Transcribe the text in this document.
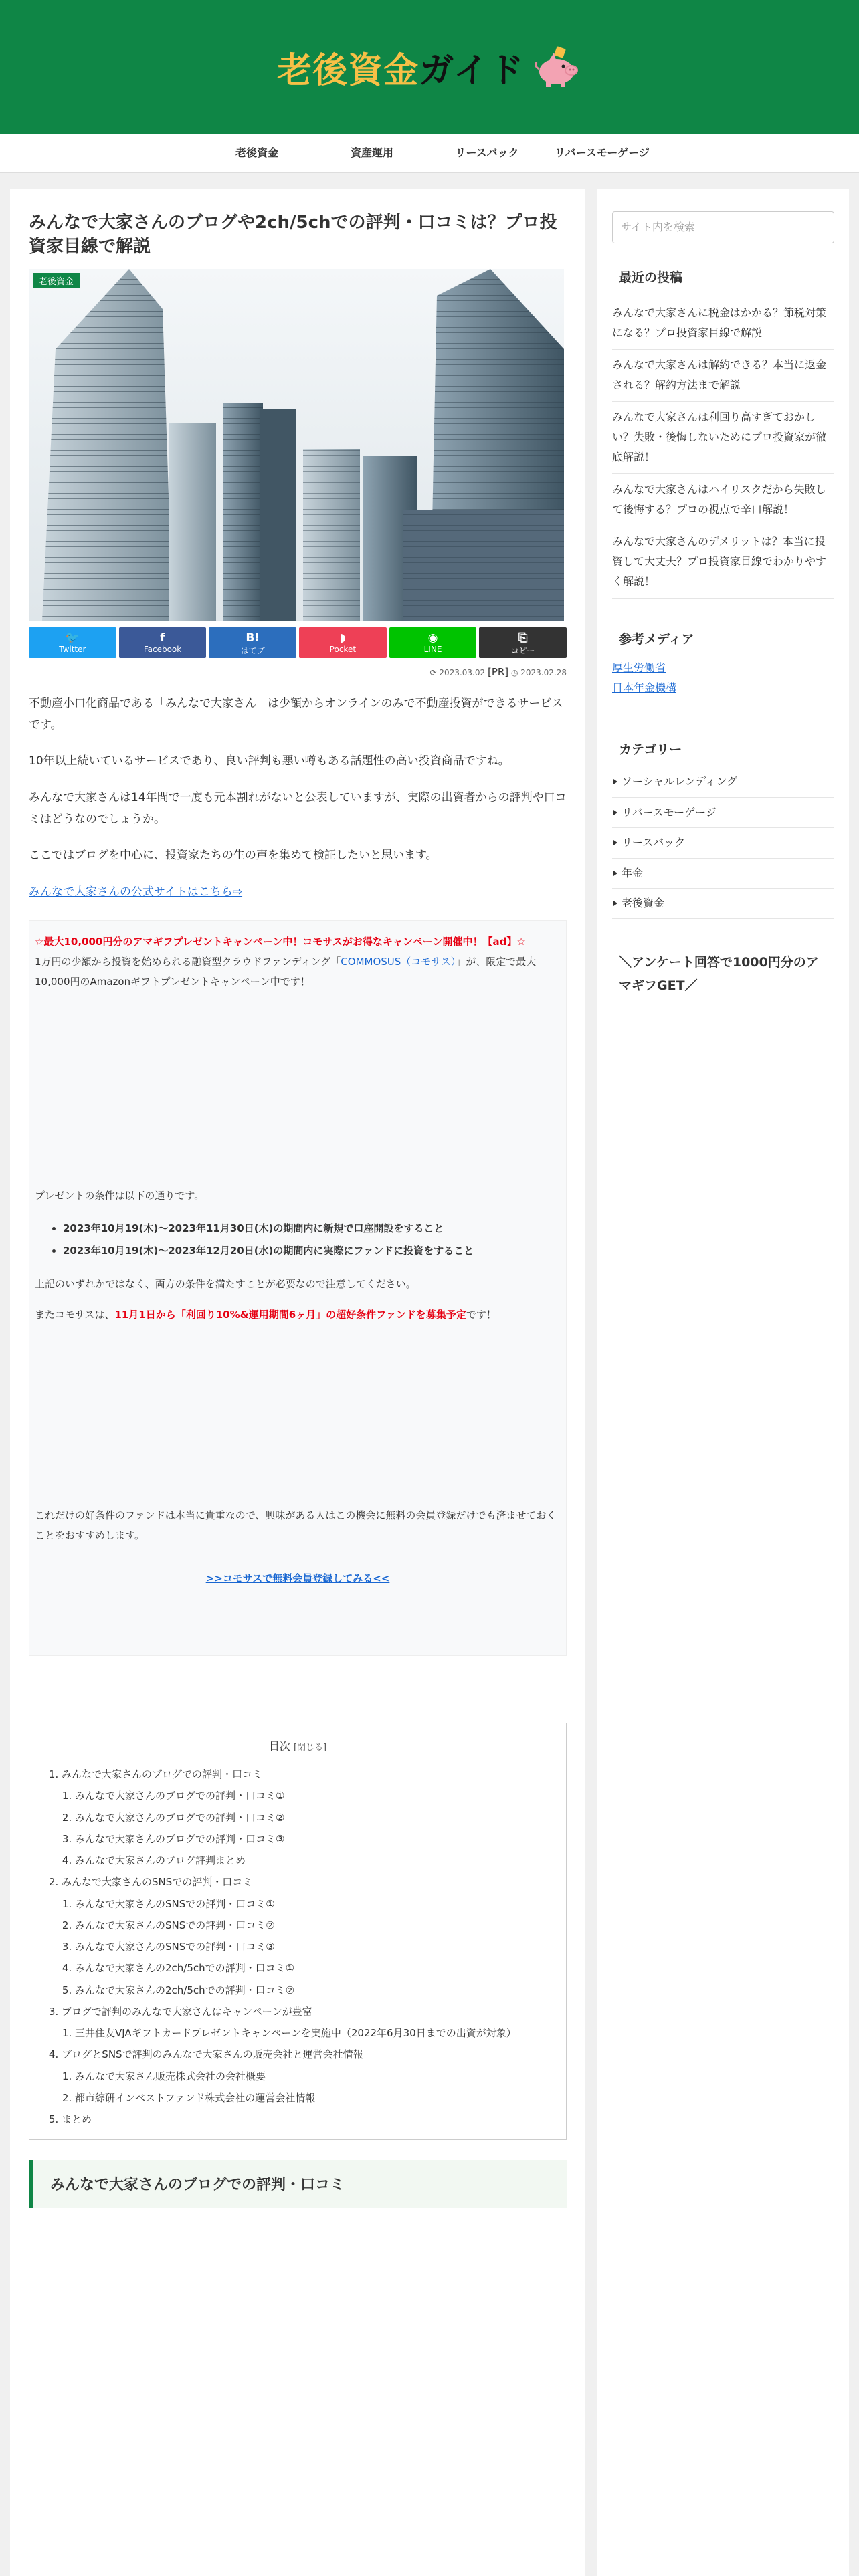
老後資金 ガイド
老後資金	資産運用	リースバック	リバースモーゲージ
みんなで大家さんのブログや2ch/5chでの評判・口コミは？プロ投資家目線で解説
老後資金
🐦
Twitter
f
Facebook
B!
はてブ
◗
Pocket
◉
LINE
⎘
コピー
⟳ 2023.03.02 [PR] ◷ 2023.02.28

不動産小口化商品である「みんなで大家さん」は少額からオンラインのみで不動産投資ができるサービスです。

10年以上続いているサービスであり、良い評判も悪い噂もある話題性の高い投資商品ですね。

みんなで大家さんは14年間で一度も元本割れがないと公表していますが、実際の出資者からの評判や口コミはどうなのでしょうか。

ここではブログを中心に、投資家たちの生の声を集めて検証したいと思います。

みんなで大家さんの公式サイトはこちら⇨

☆最大10,000円分のアマギフプレゼントキャンペーン中！コモサスがお得なキャンペーン開催中！【ad】☆
1万円の少額から投資を始められる融資型クラウドファンディング「COMMOSUS（コモサス）」が、限定で最大10,000円のAmazonギフトプレゼントキャンペーン中です！
プレゼントの条件は以下の通りです。
• 2023年10月19(木)〜2023年11月30日(木)の期間内に新規で口座開設をすること
• 2023年10月19(木)〜2023年12月20日(水)の期間内に実際にファンドに投資をすること
上記のいずれかではなく、両方の条件を満たすことが必要なので注意してください。
またコモサスは、11月1日から「利回り10%&運用期間6ヶ月」の超好条件ファンドを募集予定です！
これだけの好条件のファンドは本当に貴重なので、興味がある人はこの機会に無料の会員登録だけでも済ませておくことをおすすめします。
>>コモサスで無料会員登録してみる<<
目次 [閉じる]
1. みんなで大家さんのブログでの評判・口コミ
1. みんなで大家さんのブログでの評判・口コミ①
2. みんなで大家さんのブログでの評判・口コミ②
3. みんなで大家さんのブログでの評判・口コミ③
4. みんなで大家さんのブログ評判まとめ
2. みんなで大家さんのSNSでの評判・口コミ
1. みんなで大家さんのSNSでの評判・口コミ①
2. みんなで大家さんのSNSでの評判・口コミ②
3. みんなで大家さんのSNSでの評判・口コミ③
4. みんなで大家さんの2ch/5chでの評判・口コミ①
5. みんなで大家さんの2ch/5chでの評判・口コミ②
3. ブログで評判のみんなで大家さんはキャンペーンが豊富
1. 三井住友VJAギフトカードプレゼントキャンペーンを実施中（2022年6月30日までの出資が対象）
4. ブログとSNSで評判のみんなで大家さんの販売会社と運営会社情報
1. みんなで大家さん販売株式会社の会社概要
2. 都市綜研インベストファンド株式会社の運営会社情報
5. まとめ
みんなで大家さんのブログでの評判・口コミ
サイト内を検索
最近の投稿
みんなで大家さんに税金はかかる？節税対策になる？プロ投資家目線で解説
みんなで大家さんは解約できる？本当に返金される？解約方法まで解説
みんなで大家さんは利回り高すぎておかしい？失敗・後悔しないためにプロ投資家が徹底解説！
みんなで大家さんはハイリスクだから失敗して後悔する？プロの視点で辛口解説！
みんなで大家さんのデメリットは？本当に投資して大丈夫？プロ投資家目線でわかりやすく解説！
参考メディア
厚生労働省
日本年金機構
カテゴリー
ソーシャルレンディング
リバースモーゲージ
リースバック
年金
老後資金
＼アンケート回答で1000円分のアマギフGET／
